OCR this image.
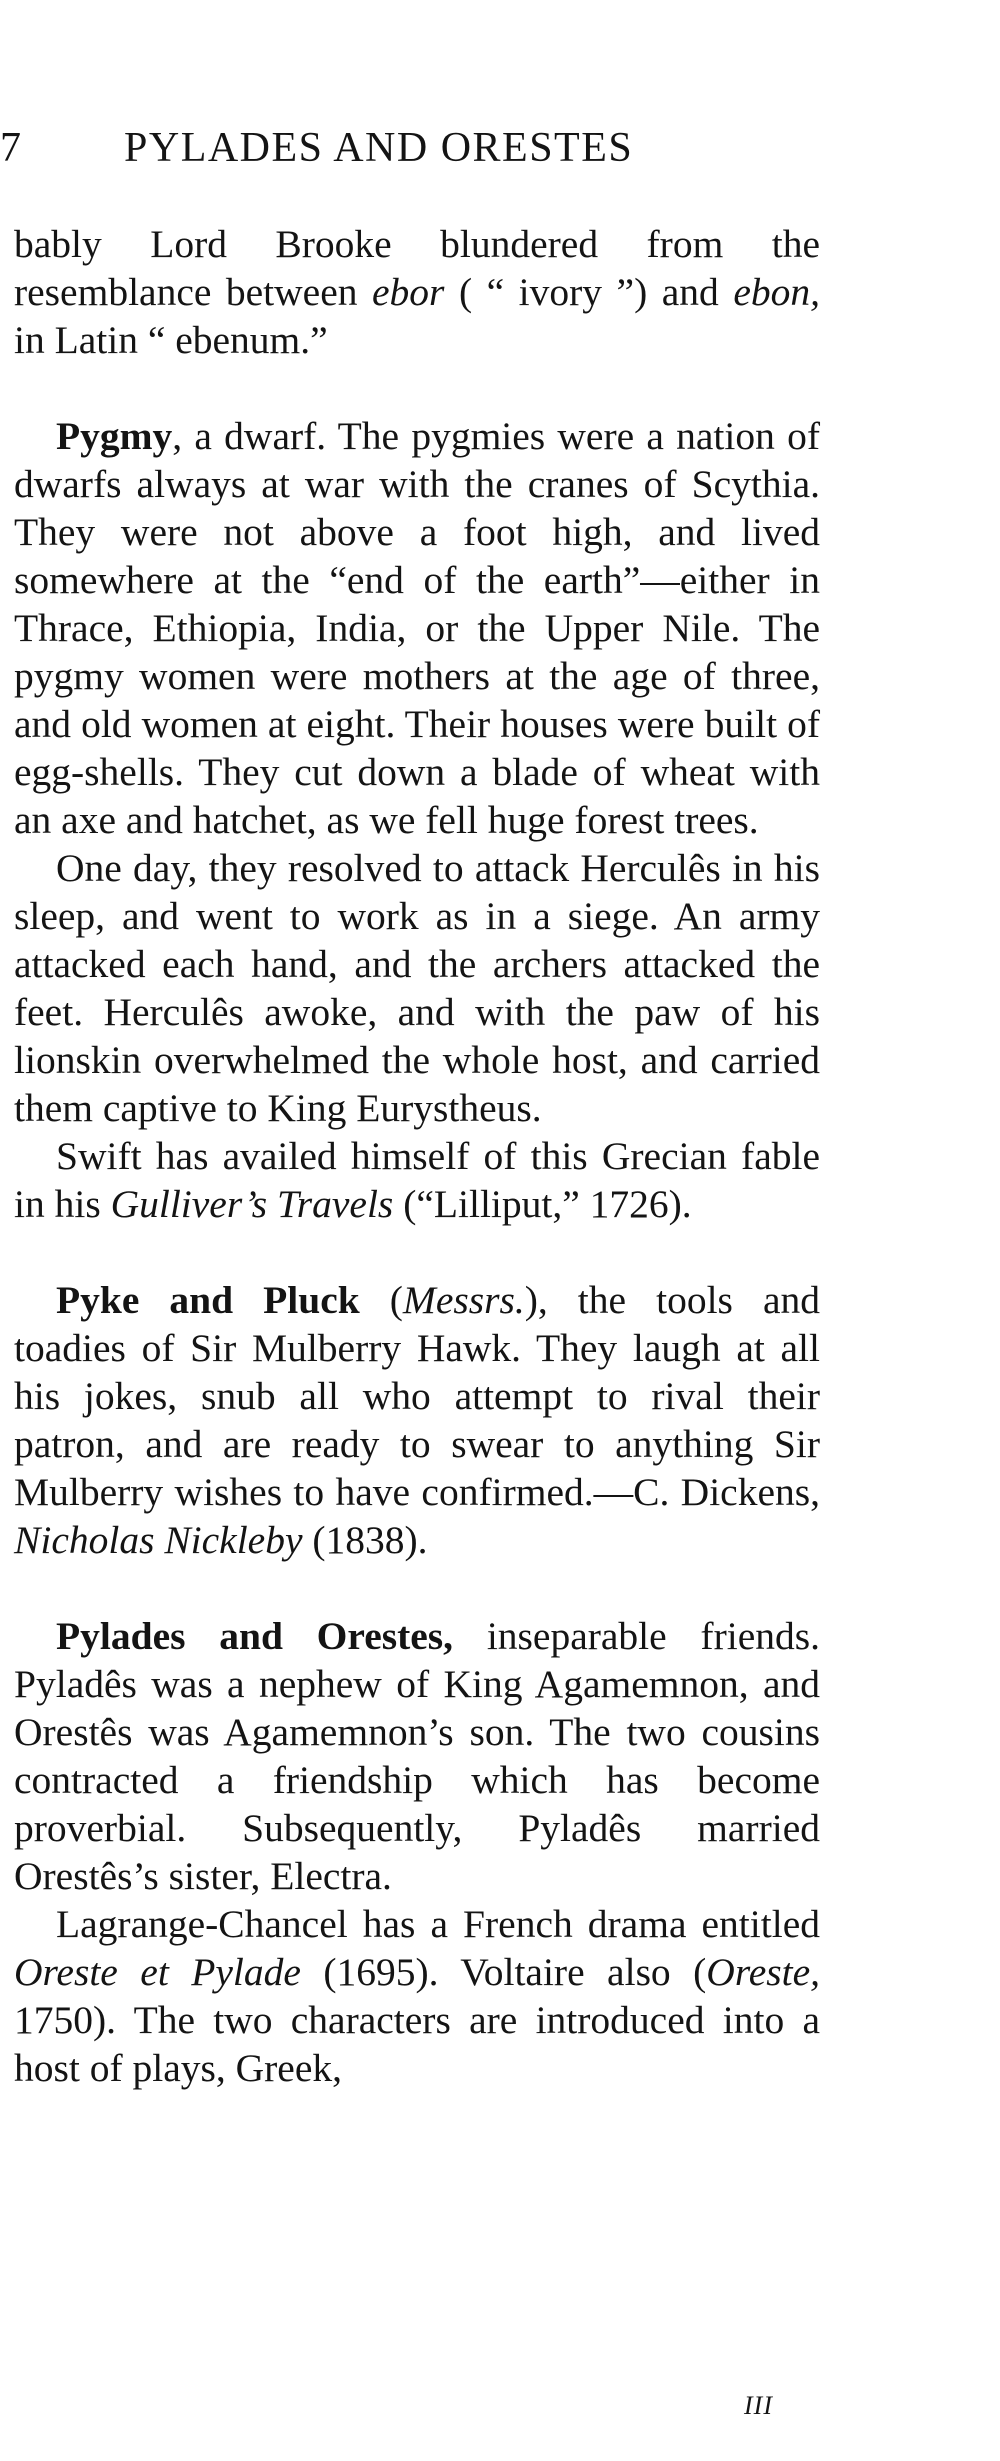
7 PYLADES AND ORESTES

bably Lord Brooke blundered from the resemblance between ebor ( “ ivory ”) and ebon, in Latin “ ebenum.”

Pygmy, a dwarf. The pygmies were a nation of dwarfs always at war with the cranes of Scythia. They were not above a foot high, and lived somewhere at the “end of the earth”—either in Thrace, Ethiopia, India, or the Upper Nile. The pygmy women were mothers at the age of three, and old women at eight. Their houses were built of egg-shells. They cut down a blade of wheat with an axe and hatchet, as we fell huge forest trees.

One day, they resolved to attack Herculês in his sleep, and went to work as in a siege. An army attacked each hand, and the archers attacked the feet. Herculês awoke, and with the paw of his lionskin overwhelmed the whole host, and carried them captive to King Eurystheus.

Swift has availed himself of this Grecian fable in his Gulliver’s Travels (“Lilliput,” 1726).

Pyke and Pluck (Messrs.), the tools and toadies of Sir Mulberry Hawk. They laugh at all his jokes, snub all who attempt to rival their patron, and are ready to swear to anything Sir Mulberry wishes to have confirmed.—C. Dickens, Nicholas Nickleby (1838).

Pylades and Orestes, inseparable friends. Pyladês was a nephew of King Agamemnon, and Orestês was Agamemnon’s son. The two cousins contracted a friendship which has become proverbial. Subsequently, Pyladês married Orestês’s sister, Electra.

Lagrange-Chancel has a French drama entitled Oreste et Pylade (1695). Voltaire also (Oreste, 1750). The two characters are introduced into a host of plays, Greek,

III
